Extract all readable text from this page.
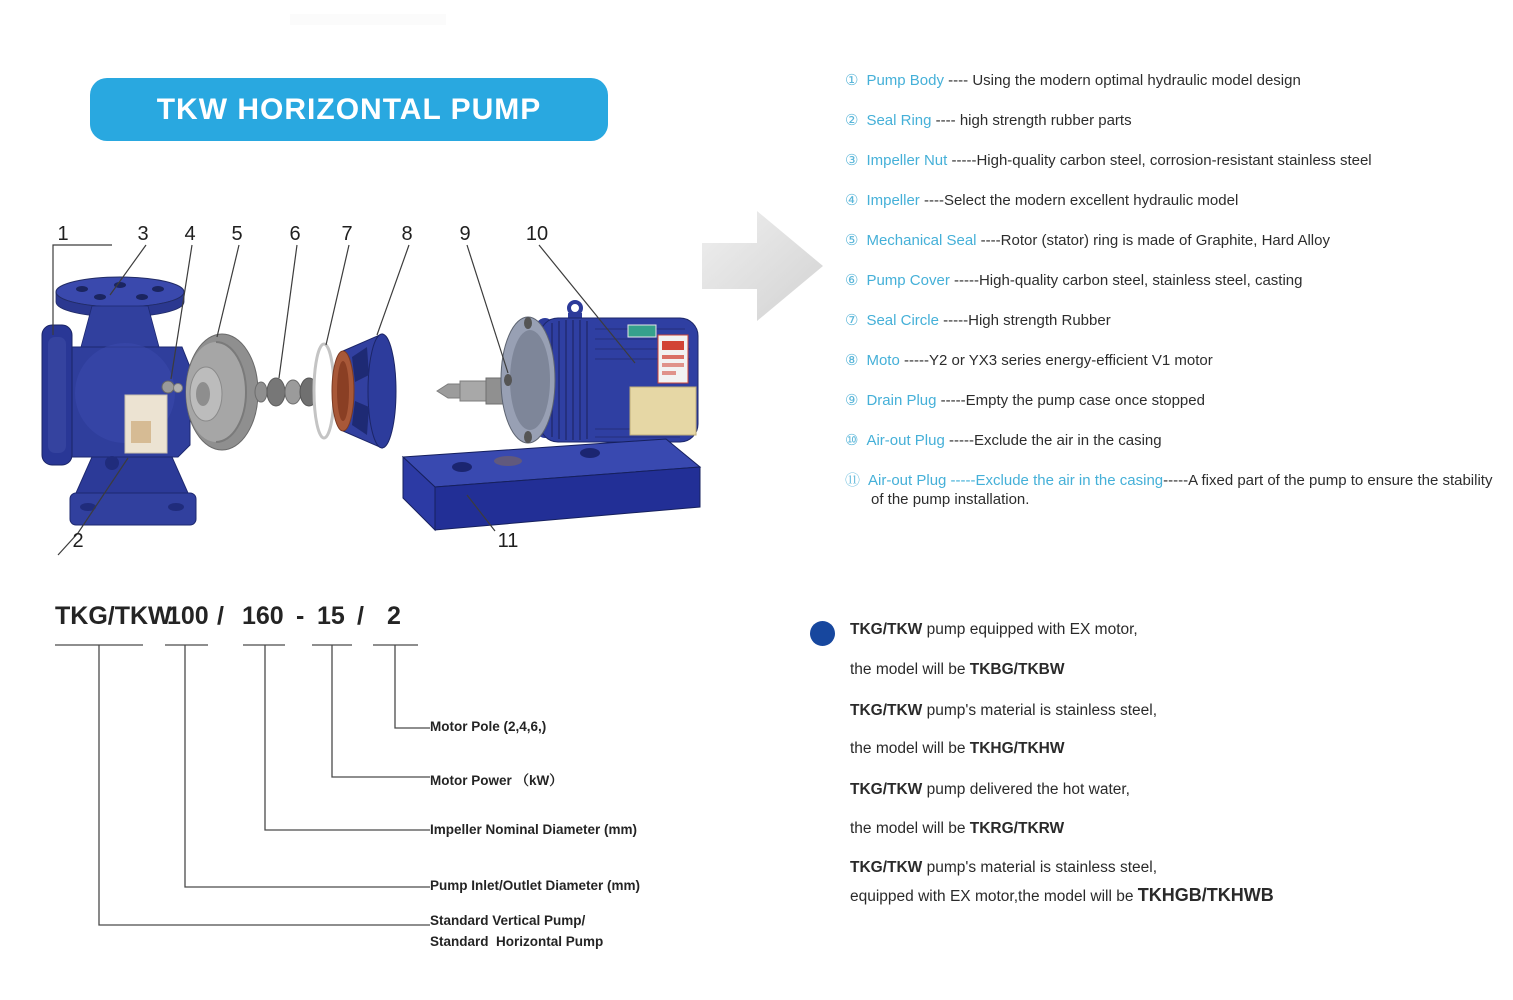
TKW HORIZONTAL PUMP
1	3 4 5 6 7 8 9	10
2	11
① Pump Body ---- Using the modern optimal hydraulic model design
② Seal Ring ---- high strength rubber parts
③ Impeller Nut -----High-quality carbon steel, corrosion-resistant stainless steel
④ Impeller ----Select the modern excellent hydraulic model
⑤ Mechanical Seal ----Rotor (stator) ring is made of Graphite, Hard Alloy
⑥ Pump Cover -----High-quality carbon steel, stainless steel, casting
⑦ Seal Circle -----High strength Rubber
⑧ Moto -----Y2 or YX3 series energy-efficient V1 motor
⑨ Drain Plug -----Empty the pump case once stopped
⑩ Air-out Plug -----Exclude the air in the casing
⑪ Air-out Plug -----Exclude the air in the casing-----A fixed part of the pump to ensure the stability of the pump installation.
TKG/TKW
100 / 160 - 15 / 2
Motor Pole (2,4,6,)
Motor Power （kW）
Impeller Nominal Diameter (mm)
Pump Inlet/Outlet Diameter (mm)
Standard Vertical Pump/
Standard  Horizontal Pump
TKG/TKW pump equipped with EX motor,
the model will be TKBG/TKBW
TKG/TKW pump's material is stainless steel,
the model will be TKHG/TKHW
TKG/TKW pump delivered the hot water,
the model will be TKRG/TKRW
TKG/TKW pump's material is stainless steel,
equipped with EX motor,the model will be TKHGB/TKHWB
